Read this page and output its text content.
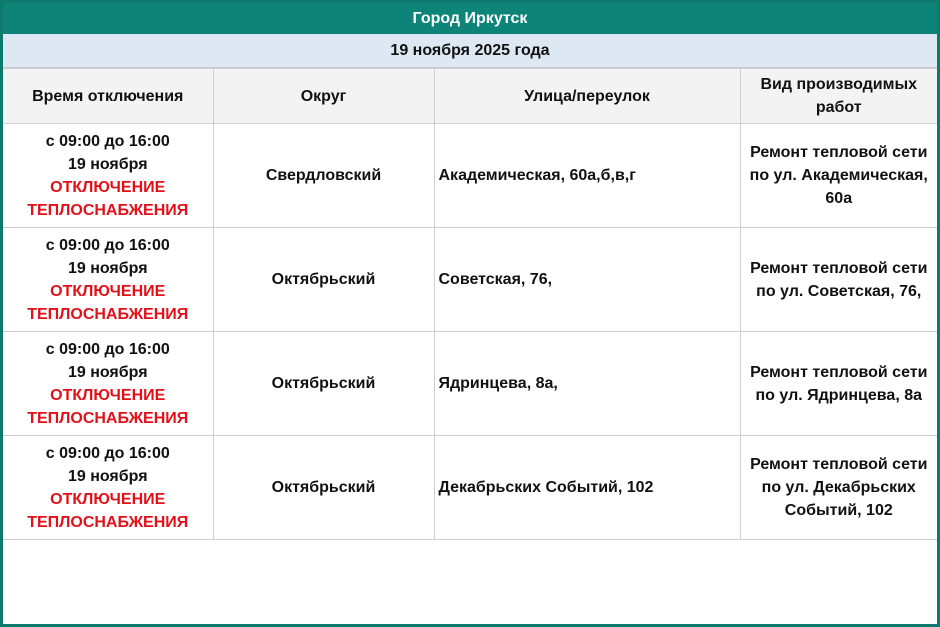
Город Иркутск
19 ноября 2025 года
Время отключения	Округ	Улица/переулок	Вид производимых работ

с 09:00 до 16:00
19 ноября
ОТКЛЮЧЕНИЕ
ТЕПЛОСНАБЖЕНИЯ	Свердловский	Академическая, 60а,б,в,г	Ремонт тепловой сети по ул. Академическая, 60а

с 09:00 до 16:00
19 ноября
ОТКЛЮЧЕНИЕ
ТЕПЛОСНАБЖЕНИЯ	Октябрьский	Советская, 76,	Ремонт тепловой сети по ул. Советская, 76,

с 09:00 до 16:00
19 ноября
ОТКЛЮЧЕНИЕ
ТЕПЛОСНАБЖЕНИЯ	Октябрьский	Ядринцева, 8а,	Ремонт тепловой сети по ул. Ядринцева, 8а

с 09:00 до 16:00
19 ноября
ОТКЛЮЧЕНИЕ
ТЕПЛОСНАБЖЕНИЯ	Октябрьский	Декабрьских Событий, 102	Ремонт тепловой сети по ул. Декабрьских Событий, 102
